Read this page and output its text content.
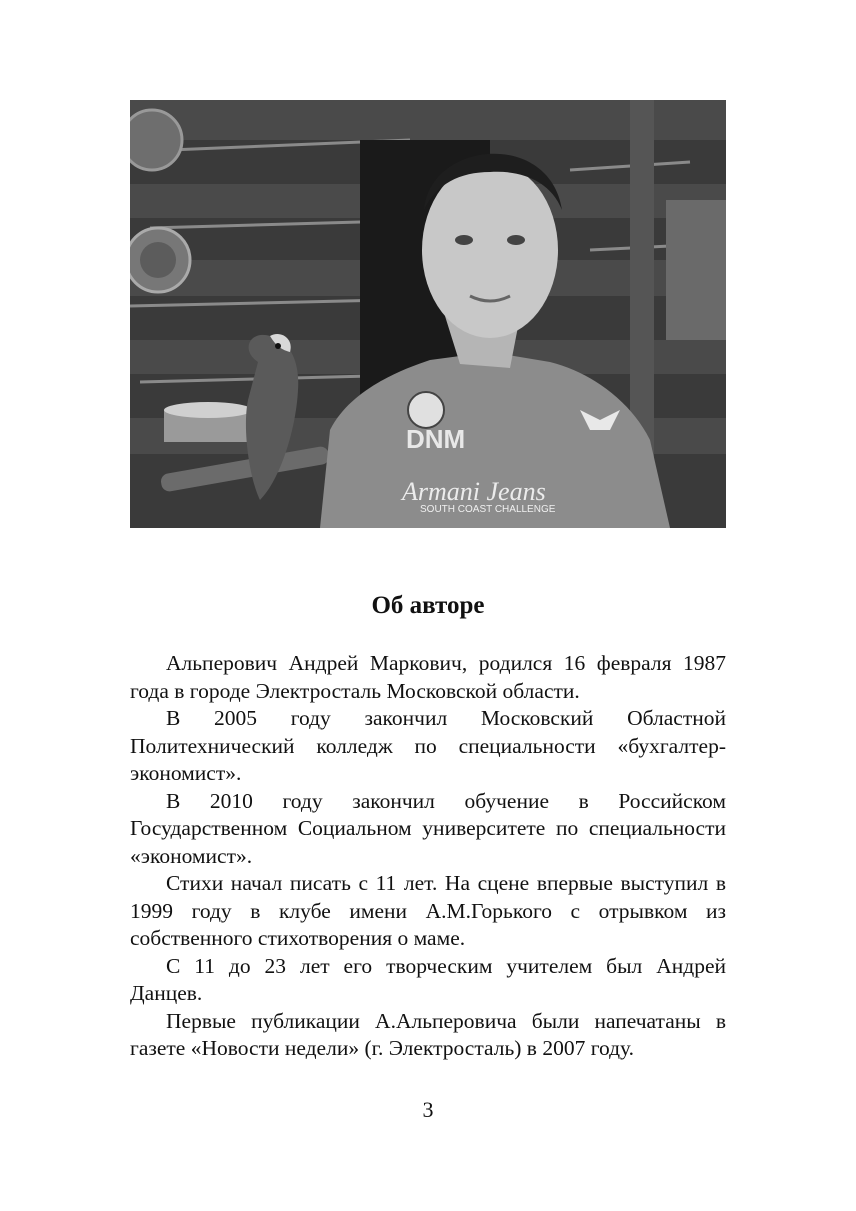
DNM
Armani Jeans
SOUTH COAST CHALLENGE
Об авторе

Альперович Андрей Маркович, родился 16 февраля 1987 года в городе Электросталь Московской области.

В 2005 году закончил Московский Областной Политехнический колледж по специальности «бухгалтер-экономист».

В 2010 году закончил обучение в Российском Государственном Социальном университете по специальности «экономист».

Стихи начал писать с 11 лет. На сцене впервые выступил в 1999 году в клубе имени А.М.Горького с отрывком из собственного стихотворения о маме.

С 11 до 23 лет его творческим учителем был Андрей Данцев.

Первые публикации А.Альперовича были напечатаны в газете «Новости недели» (г. Электросталь) в 2007 году.

3
